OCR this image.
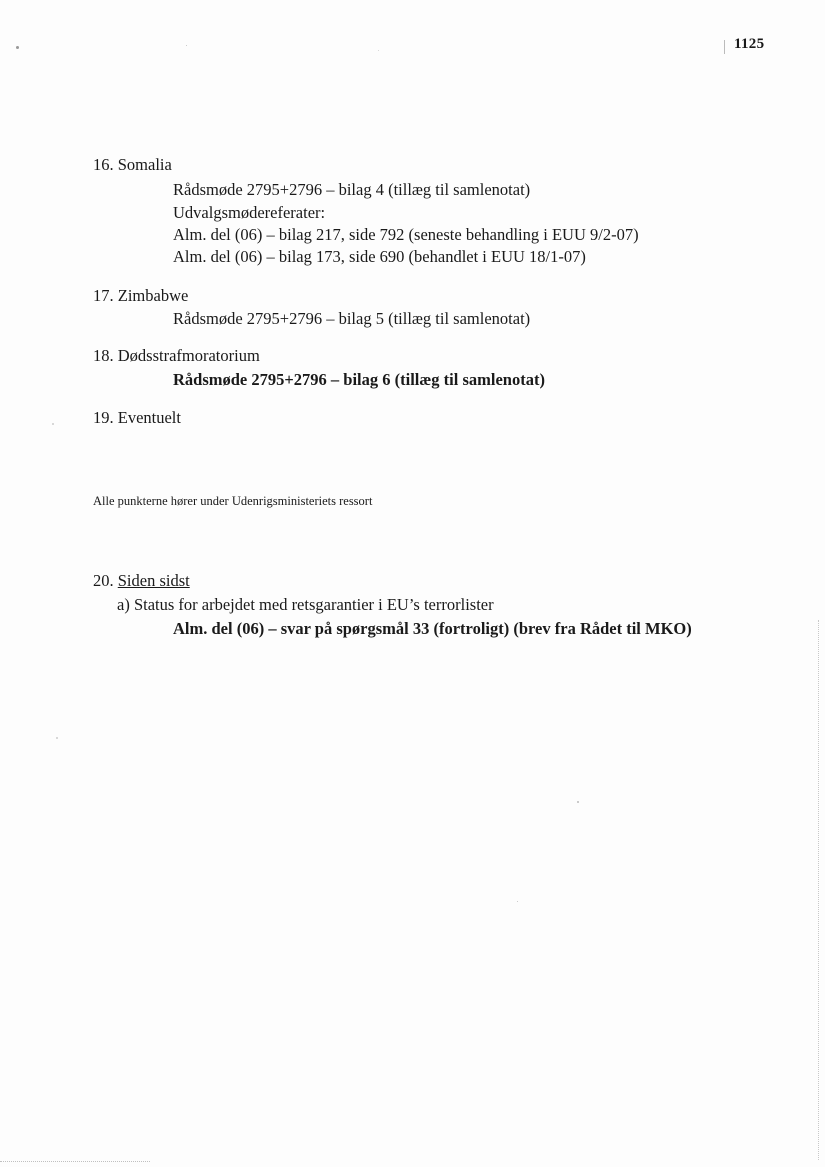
1125
16. Somalia
Rådsmøde 2795+2796 – bilag 4 (tillæg til samlenotat)
Udvalgsmødereferater:
Alm. del (06) – bilag 217, side 792 (seneste behandling i EUU 9/2-07)
Alm. del (06) – bilag 173, side 690 (behandlet i EUU 18/1-07)
17. Zimbabwe
Rådsmøde 2795+2796 – bilag 5 (tillæg til samlenotat)
18. Dødsstrafmoratorium
Rådsmøde 2795+2796 – bilag 6 (tillæg til samlenotat)
19. Eventuelt
Alle punkterne hører under Udenrigsministeriets ressort
20. Siden sidst
a) Status for arbejdet med retsgarantier i EU’s terrorlister
Alm. del (06) – svar på spørgsmål 33 (fortroligt) (brev fra Rådet til MKO)
